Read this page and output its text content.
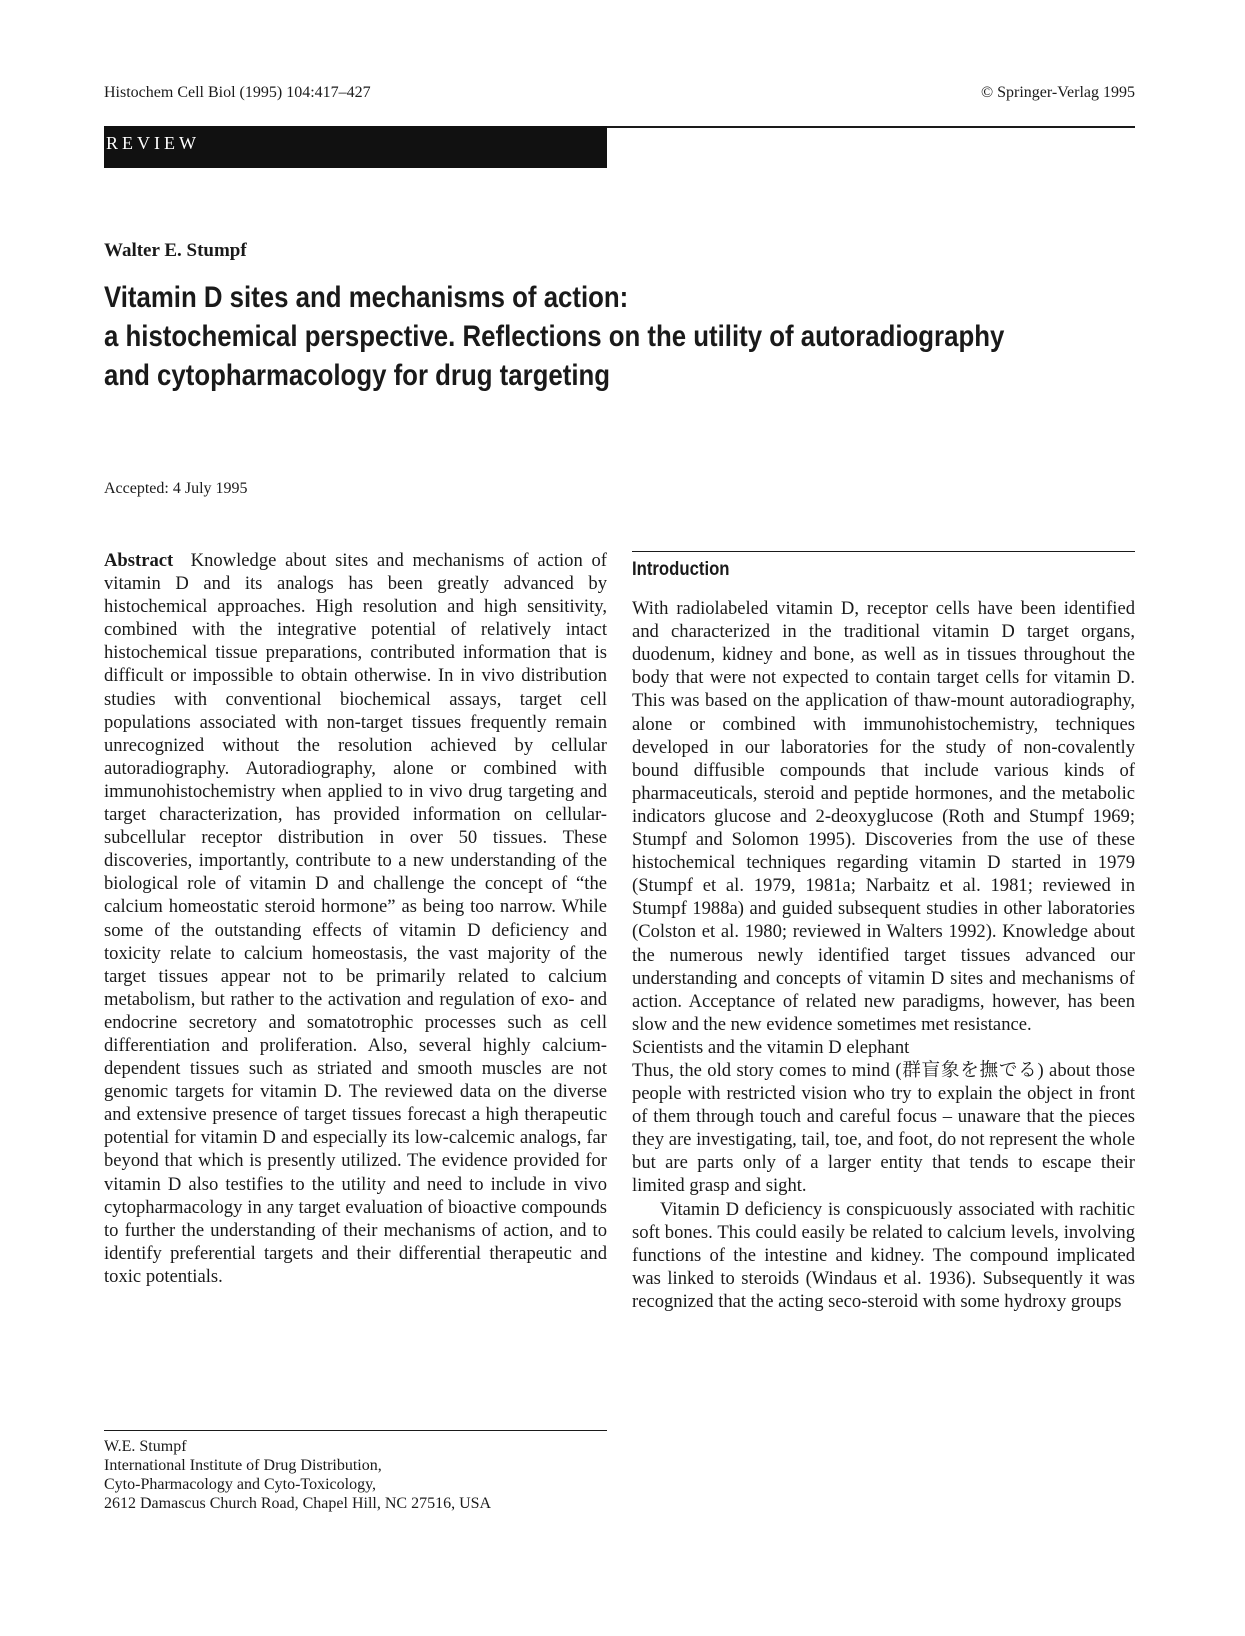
Histochem Cell Biol (1995) 104:417–427	© Springer-Verlag 1995
REVIEW
Walter E. Stumpf
Vitamin D sites and mechanisms of action:
a histochemical perspective. Reflections on the utility of autoradiography
and cytopharmacology for drug targeting
Accepted: 4 July 1995

Abstract Knowledge about sites and mechanisms of action of vitamin D and its analogs has been greatly advanced by histochemical approaches. High resolution and high sensitivity, combined with the integrative potential of relatively intact histochemical tissue preparations, contributed information that is difficult or impossible to obtain otherwise. In in vivo distribution studies with conventional biochemical assays, target cell populations associated with non-target tissues frequently remain unrecognized without the resolution achieved by cellular autoradiography. Autoradiography, alone or combined with immunohistochemistry when applied to in vivo drug targeting and target characterization, has provided information on cellular-subcellular receptor distribution in over 50 tissues. These discoveries, importantly, contribute to a new understanding of the biological role of vitamin D and challenge the concept of “the calcium homeostatic steroid hormone” as being too narrow. While some of the outstanding effects of vitamin D deficiency and toxicity relate to calcium homeostasis, the vast majority of the target tissues appear not to be primarily related to calcium metabolism, but rather to the activation and regulation of exo- and endocrine secretory and somatotrophic processes such as cell differentiation and proliferation. Also, several highly calcium-dependent tissues such as striated and smooth muscles are not genomic targets for vitamin D. The reviewed data on the diverse and extensive presence of target tissues forecast a high therapeutic potential for vitamin D and especially its low-calcemic analogs, far beyond that which is presently utilized. The evidence provided for vitamin D also testifies to the utility and need to include in vivo cytopharmacology in any target evaluation of bioactive compounds to further the understanding of their mechanisms of action, and to identify preferential targets and their differential therapeutic and toxic potentials.

W.E. Stumpf
International Institute of Drug Distribution,
Cyto-Pharmacology and Cyto-Toxicology,
2612 Damascus Church Road, Chapel Hill, NC 27516, USA
Introduction

With radiolabeled vitamin D, receptor cells have been identified and characterized in the traditional vitamin D target organs, duodenum, kidney and bone, as well as in tissues throughout the body that were not expected to contain target cells for vitamin D. This was based on the application of thaw-mount autoradiography, alone or combined with immunohistochemistry, techniques developed in our laboratories for the study of non-covalently bound diffusible compounds that include various kinds of pharmaceuticals, steroid and peptide hormones, and the metabolic indicators glucose and 2-deoxyglucose (Roth and Stumpf 1969; Stumpf and Solomon 1995). Discoveries from the use of these histochemical techniques regarding vitamin D started in 1979 (Stumpf et al. 1979, 1981a; Narbaitz et al. 1981; reviewed in Stumpf 1988a) and guided subsequent studies in other laboratories (Colston et al. 1980; reviewed in Walters 1992). Knowledge about the numerous newly identified target tissues advanced our understanding and concepts of vitamin D sites and mechanisms of action. Acceptance of related new paradigms, however, has been slow and the new evidence sometimes met resistance.

Scientists and the vitamin D elephant

Thus, the old story comes to mind (群盲象を撫でる) about those people with restricted vision who try to explain the object in front of them through touch and careful focus – unaware that the pieces they are investigating, tail, toe, and foot, do not represent the whole but are parts only of a larger entity that tends to escape their limited grasp and sight.

Vitamin D deficiency is conspicuously associated with rachitic soft bones. This could easily be related to calcium levels, involving functions of the intestine and kidney. The compound implicated was linked to steroids (Windaus et al. 1936). Subsequently it was recognized that the acting seco-steroid with some hydroxy groups
